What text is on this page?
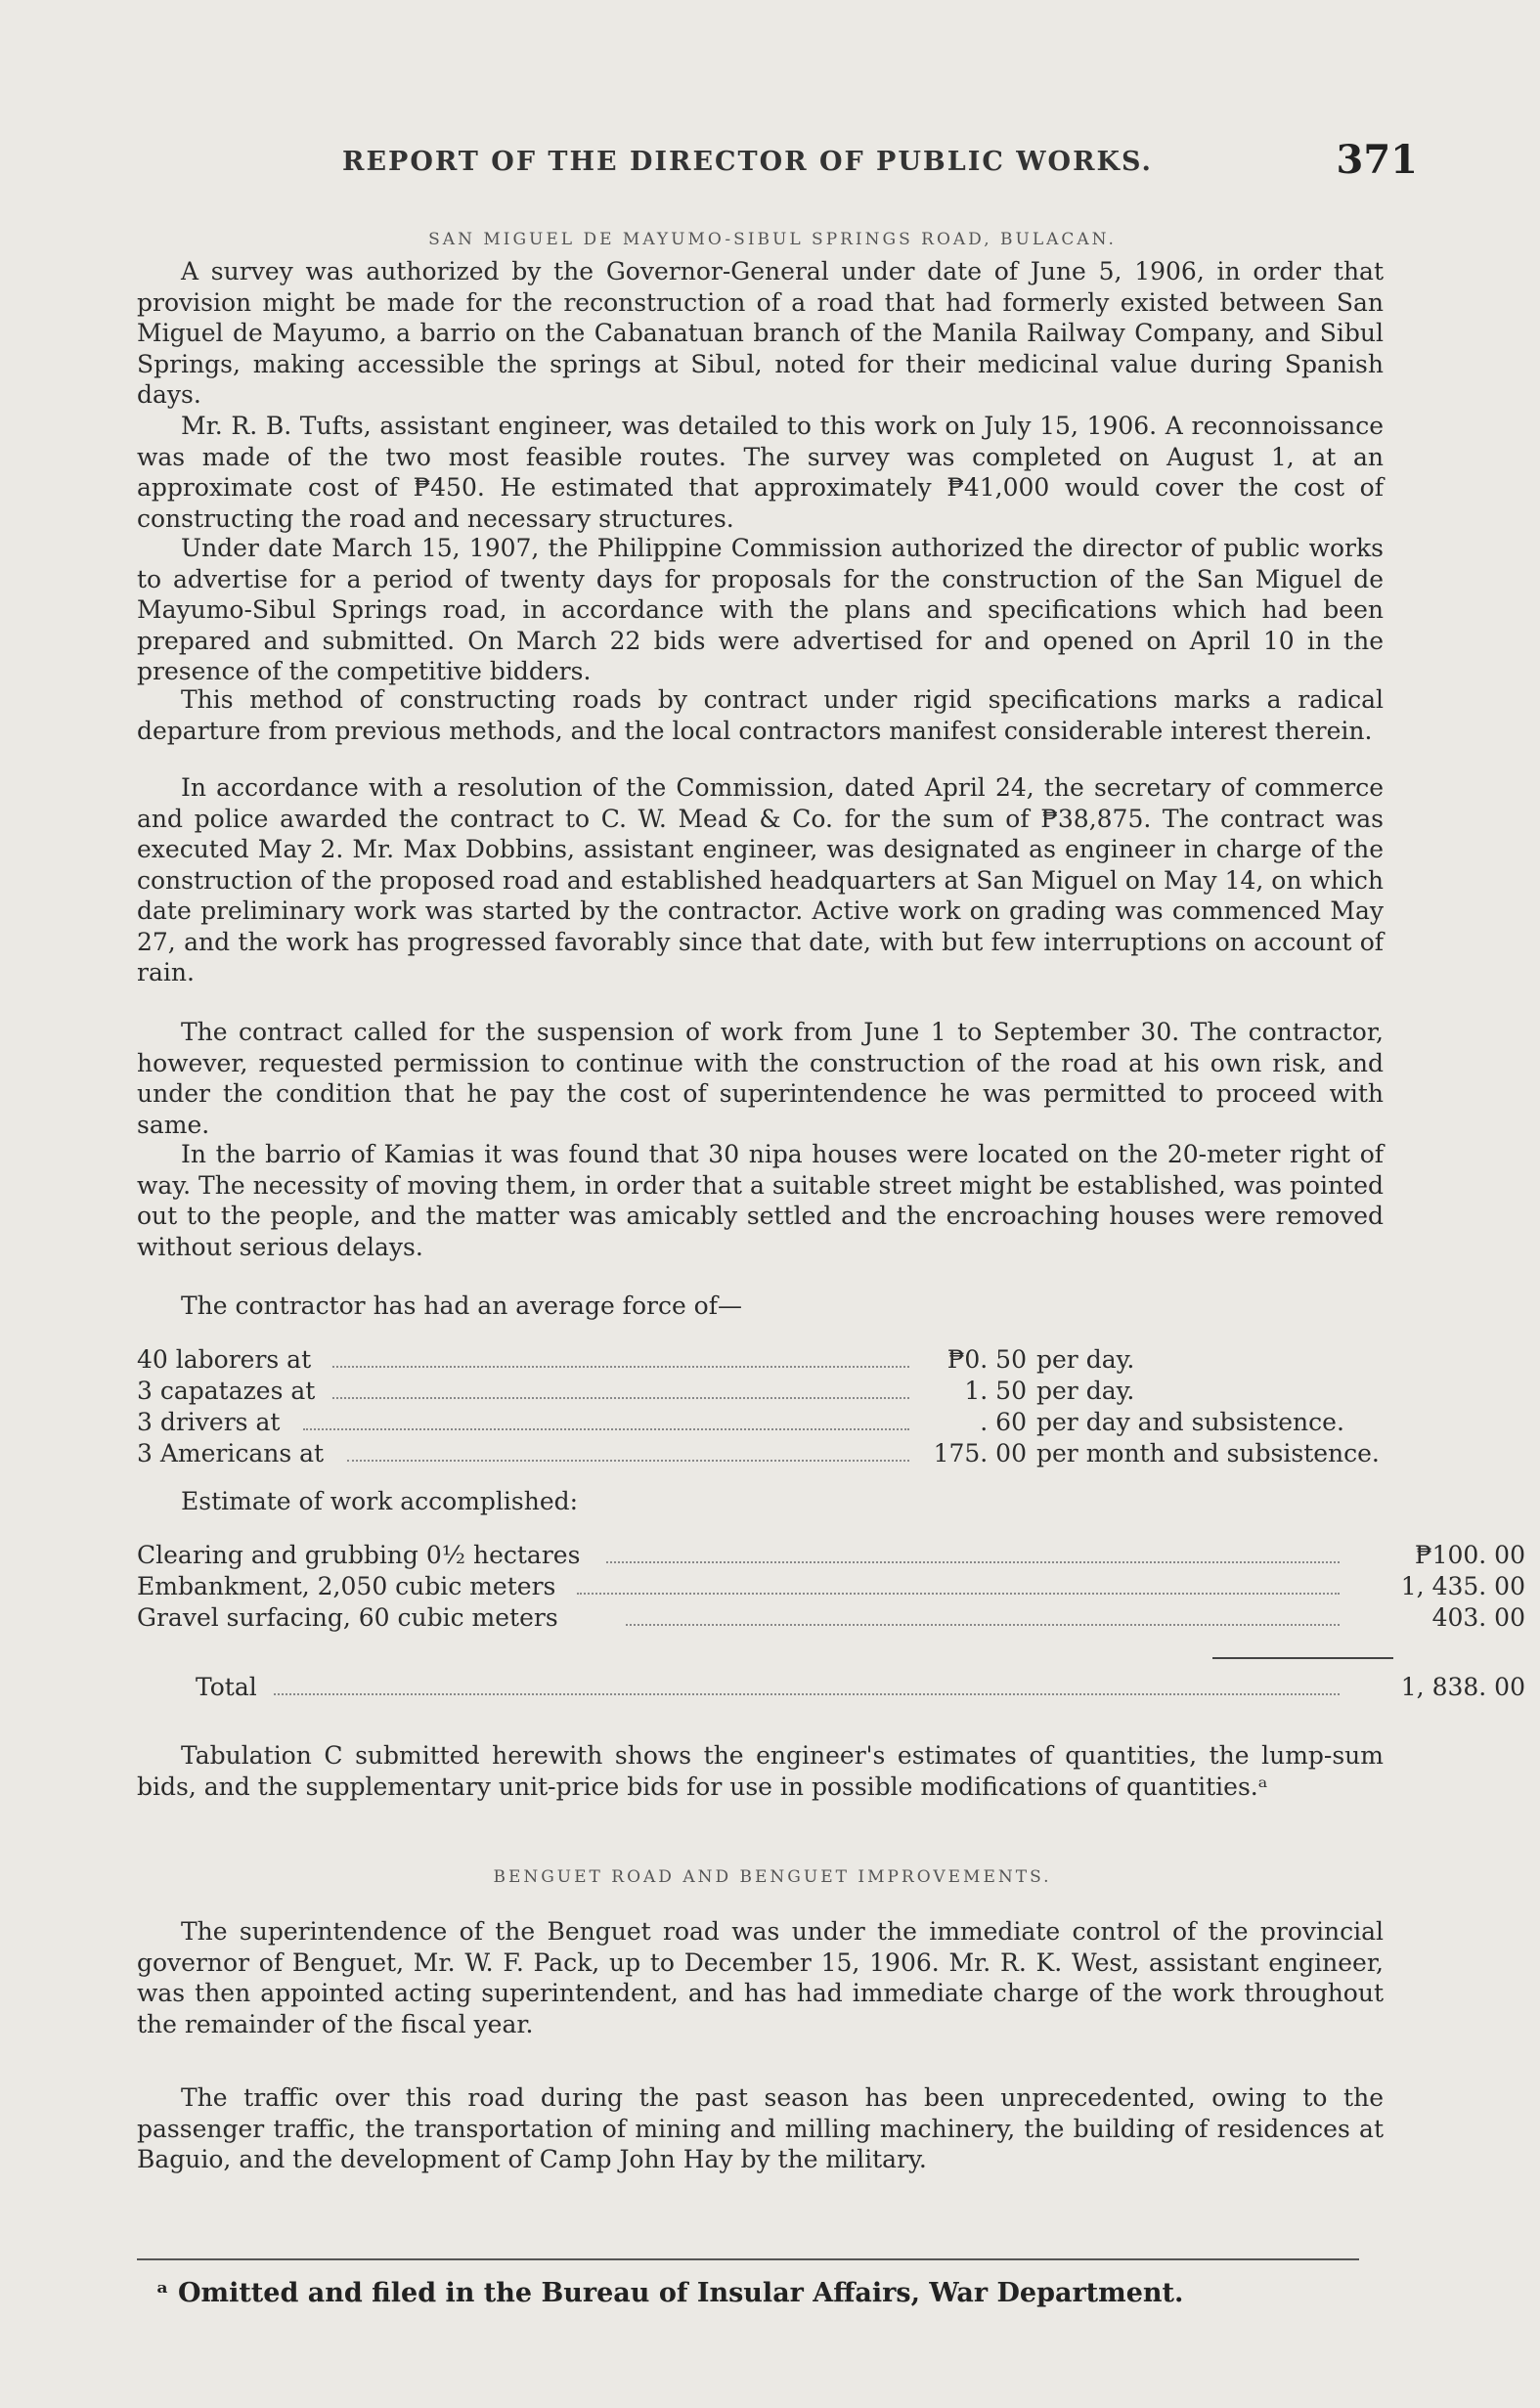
REPORT OF THE DIRECTOR OF PUBLIC WORKS.	371
SAN MIGUEL DE MAYUMO-SIBUL SPRINGS ROAD, BULACAN.

A survey was authorized by the Governor-General under date of June 5, 1906, in order that provision might be made for the reconstruction of a road that had formerly existed between San Miguel de Mayumo, a barrio on the Cabanatuan branch of the Manila Railway Company, and Sibul Springs, making accessible the springs at Sibul, noted for their medicinal value during Spanish days.

Mr. R. B. Tufts, assistant engineer, was detailed to this work on July 15, 1906. A reconnoissance was made of the two most feasible routes. The survey was completed on August 1, at an approximate cost of ₱450. He estimated that approximately ₱41,000 would cover the cost of constructing the road and necessary structures.

Under date March 15, 1907, the Philippine Commission authorized the director of public works to advertise for a period of twenty days for proposals for the construction of the San Miguel de Mayumo-Sibul Springs road, in accordance with the plans and specifications which had been prepared and submitted. On March 22 bids were advertised for and opened on April 10 in the presence of the competitive bidders.

This method of constructing roads by contract under rigid specifications marks a radical departure from previous methods, and the local contractors manifest considerable interest therein.

In accordance with a resolution of the Commission, dated April 24, the secretary of commerce and police awarded the contract to C. W. Mead & Co. for the sum of ₱38,875. The contract was executed May 2. Mr. Max Dobbins, assistant engineer, was designated as engineer in charge of the construction of the proposed road and established headquarters at San Miguel on May 14, on which date preliminary work was started by the contractor. Active work on grading was commenced May 27, and the work has progressed favorably since that date, with but few interruptions on account of rain.

The contract called for the suspension of work from June 1 to September 30. The contractor, however, requested permission to continue with the construction of the road at his own risk, and under the condition that he pay the cost of superintendence he was permitted to proceed with same.

In the barrio of Kamias it was found that 30 nipa houses were located on the 20-meter right of way. The necessity of moving them, in order that a suitable street might be established, was pointed out to the people, and the matter was amicably settled and the encroaching houses were removed without serious delays.

The contractor has had an average force of—

40 laborers at	₱0. 50 per day.
3 capatazes at	1. 50 per day.
3 drivers at	. 60 per day and subsistence.
3 Americans at	175. 00 per month and subsistence.

Estimate of work accomplished:

Clearing and grubbing 0½ hectares	₱100. 00
Embankment, 2,050 cubic meters	1, 435. 00
Gravel surfacing, 60 cubic meters	403. 00
Total	1, 838. 00

Tabulation C submitted herewith shows the engineer's estimates of quantities, the lump-sum bids, and the supplementary unit-price bids for use in possible modifications of quantities.ᵃ

BENGUET ROAD AND BENGUET IMPROVEMENTS.

The superintendence of the Benguet road was under the immediate control of the provincial governor of Benguet, Mr. W. F. Pack, up to December 15, 1906. Mr. R. K. West, assistant engineer, was then appointed acting superintendent, and has had immediate charge of the work throughout the remainder of the fiscal year.

The traffic over this road during the past season has been unprecedented, owing to the passenger traffic, the transportation of mining and milling machinery, the building of residences at Baguio, and the development of Camp John Hay by the military.

ᵃ Omitted and filed in the Bureau of Insular Affairs, War Department.
